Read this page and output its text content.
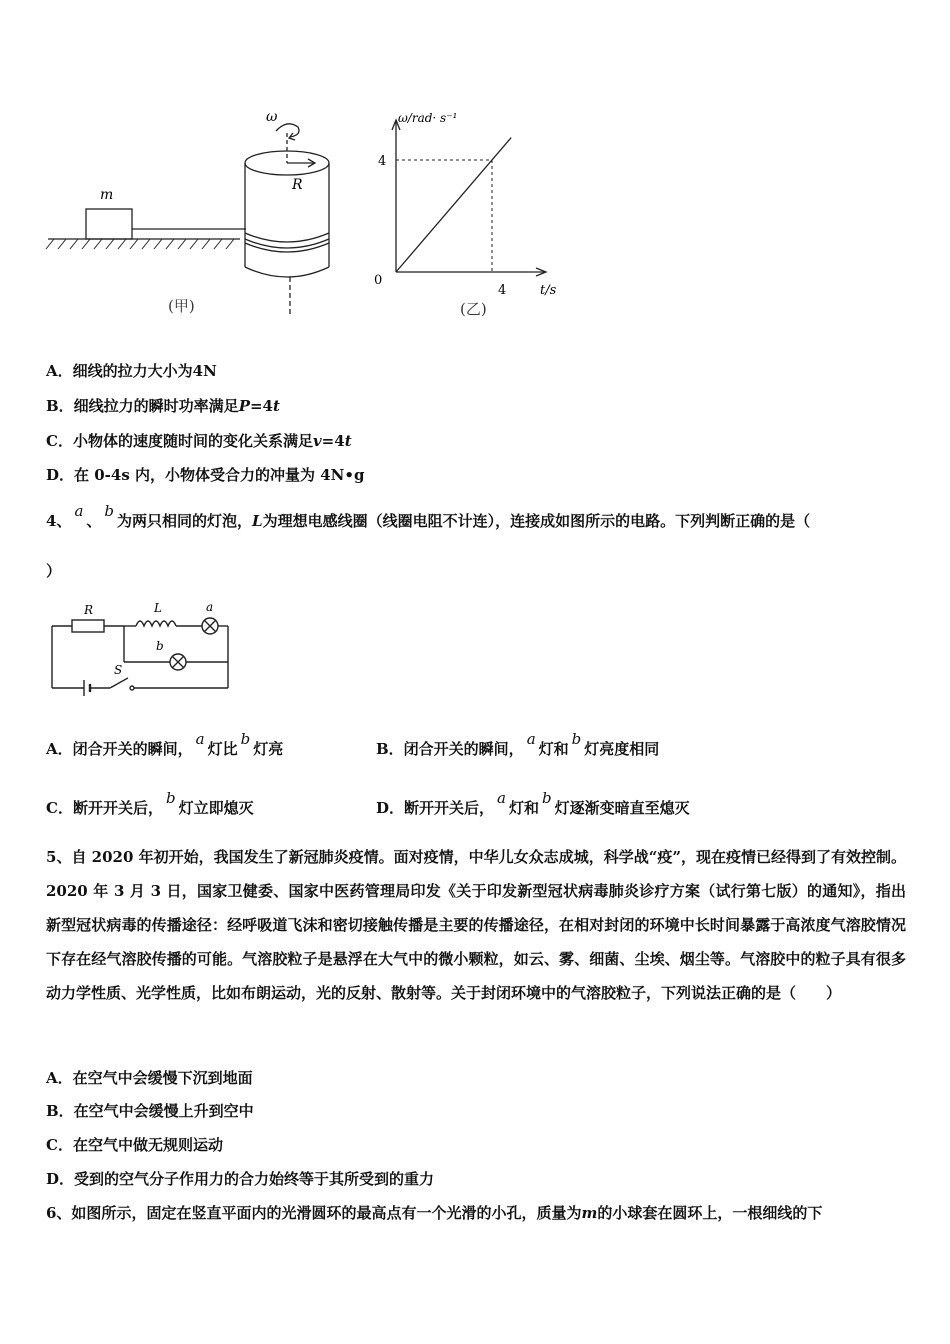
ω
R
m
(甲)
ω/rad· s⁻¹
t/s
4
4
0
(乙)
A．细线的拉力大小为4N
B．细线拉力的瞬时功率满足P=4t
C．小物体的速度随时间的变化关系满足v=4t
D．在 0-4s 内，小物体受合力的冲量为 4N•g
4、a、b为两只相同的灯泡，L为理想电感线圈（线圈电阻不计连），连接成如图所示的电路。下列判断正确的是（
）
R	L	a
b
S
A．闭合开关的瞬间，a灯比b灯亮	B．闭合开关的瞬间，a灯和b灯亮度相同
C．断开开关后，b灯立即熄灭	D．断开开关后，a灯和b灯逐渐变暗直至熄灭
5、自 2020 年初开始，我国发生了新冠肺炎疫情。面对疫情，中华儿女众志成城，科学战“疫”，现在疫情已经得到了有效控制。2020 年 3 月 3 日，国家卫健委、国家中医药管理局印发《关于印发新型冠状病毒肺炎诊疗方案（试行第七版）的通知》，指出新型冠状病毒的传播途径：经呼吸道飞沫和密切接触传播是主要的传播途径，在相对封闭的环境中长时间暴露于高浓度气溶胶情况下存在经气溶胶传播的可能。气溶胶粒子是悬浮在大气中的微小颗粒，如云、雾、细菌、尘埃、烟尘等。气溶胶中的粒子具有很多动力学性质、光学性质，比如布朗运动，光的反射、散射等。关于封闭环境中的气溶胶粒子，下列说法正确的是（　　）
A．在空气中会缓慢下沉到地面
B．在空气中会缓慢上升到空中
C．在空气中做无规则运动
D．受到的空气分子作用力的合力始终等于其所受到的重力
6、如图所示，固定在竖直平面内的光滑圆环的最高点有一个光滑的小孔，质量为m的小球套在圆环上，一根细线的下
